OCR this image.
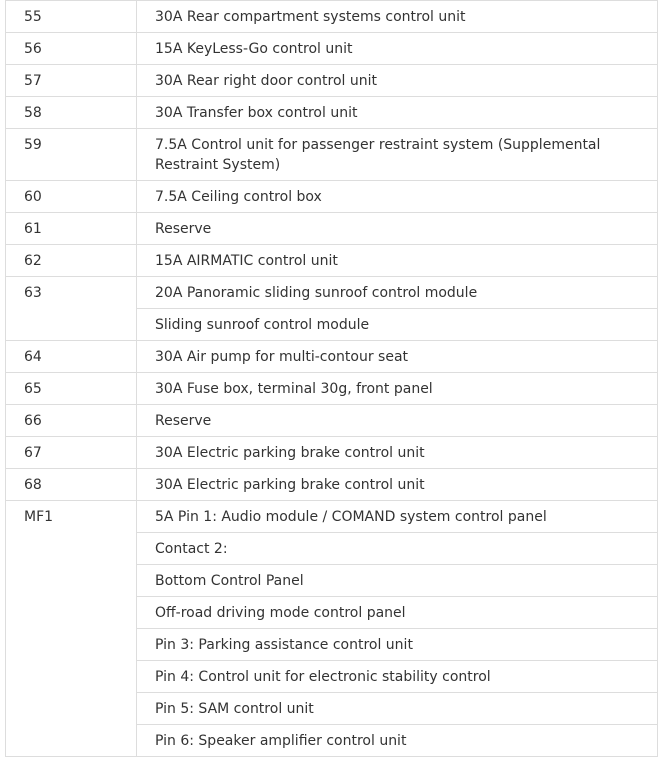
55	30A Rear compartment systems control unit
56	15A KeyLess-Go control unit
57	30A Rear right door control unit
58	30A Transfer box control unit
59	7.5A Control unit for passenger restraint system (Supplemental Restraint System)
60	7.5A Ceiling control box
61	Reserve
62	15A AIRMATIC control unit
63	20A Panoramic sliding sunroof control module
	Sliding sunroof control module
64	30A Air pump for multi-contour seat
65	30A Fuse box, terminal 30g, front panel
66	Reserve
67	30A Electric parking brake control unit
68	30A Electric parking brake control unit
MF1	5A Pin 1: Audio module / COMAND system control panel
	Contact 2:
	Bottom Control Panel
	Off-road driving mode control panel
	Pin 3: Parking assistance control unit
	Pin 4: Control unit for electronic stability control
	Pin 5: SAM control unit
	Pin 6: Speaker amplifier control unit
